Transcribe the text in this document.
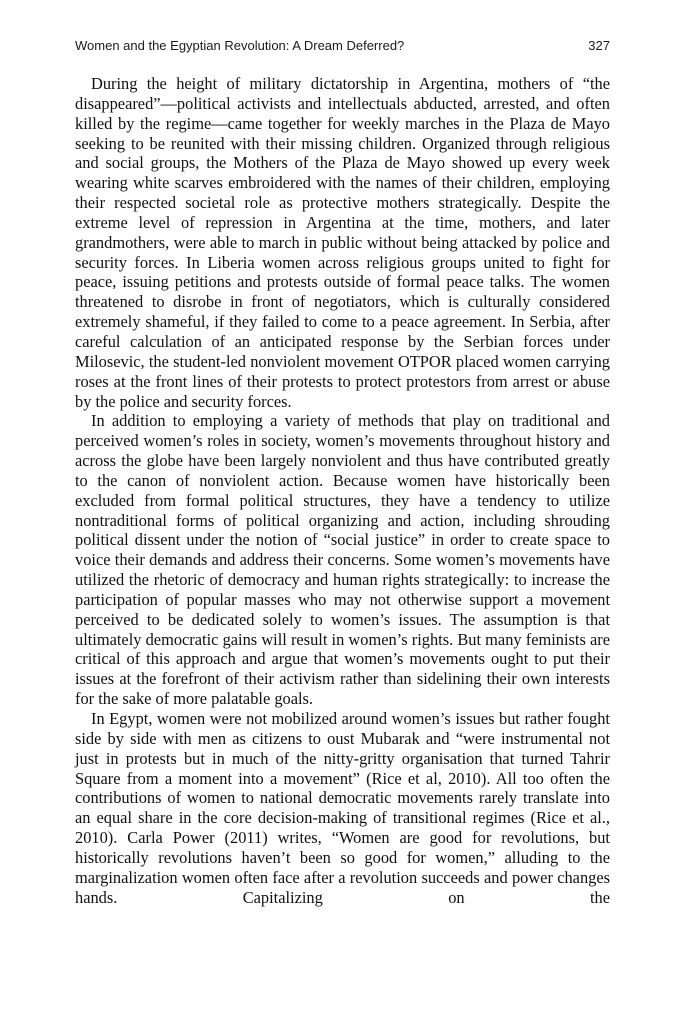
Women and the Egyptian Revolution: A Dream Deferred?	327

During the height of military dictatorship in Argentina, mothers of “the disappeared”—political activists and intellectuals abducted, arrested, and often killed by the regime—came together for weekly marches in the Plaza de Mayo seeking to be reunited with their missing children. Organized through religious and social groups, the Mothers of the Plaza de Mayo showed up every week wearing white scarves embroidered with the names of their children, employing their respected societal role as protective mothers strategically. Despite the extreme level of repression in Argentina at the time, mothers, and later grandmothers, were able to march in public without being attacked by police and security forces. In Liberia women across religious groups united to fight for peace, issuing petitions and protests outside of formal peace talks. The women threatened to disrobe in front of negotiators, which is culturally considered extremely shameful, if they failed to come to a peace agreement. In Serbia, after careful calculation of an anticipated response by the Serbian forces under Milosevic, the student-led nonviolent movement OTPOR placed women carrying roses at the front lines of their protests to protect protestors from arrest or abuse by the police and security forces.

In addition to employing a variety of methods that play on traditional and perceived women’s roles in society, women’s movements throughout history and across the globe have been largely nonviolent and thus have contributed greatly to the canon of nonviolent action. Because women have historically been excluded from formal political structures, they have a tendency to utilize nontraditional forms of political organizing and action, including shrouding political dissent under the notion of “social justice” in order to create space to voice their demands and address their concerns. Some women’s movements have utilized the rhetoric of democracy and human rights strategically: to increase the participation of popular masses who may not otherwise support a movement perceived to be dedicated solely to women’s issues. The assumption is that ultimately democratic gains will result in women’s rights. But many feminists are critical of this approach and argue that women’s movements ought to put their issues at the forefront of their activism rather than sidelining their own interests for the sake of more palatable goals.

In Egypt, women were not mobilized around women’s issues but rather fought side by side with men as citizens to oust Mubarak and “were instrumental not just in protests but in much of the nitty-gritty organisation that turned Tahrir Square from a moment into a movement” (Rice et al, 2010). All too often the contributions of women to national democratic movements rarely translate into an equal share in the core decision-making of transitional regimes (Rice et al., 2010). Carla Power (2011) writes, “Women are good for revolutions, but historically revolutions haven’t been so good for women,” alluding to the marginalization women often face after a revolution succeeds and power changes hands. Capitalizing on the
